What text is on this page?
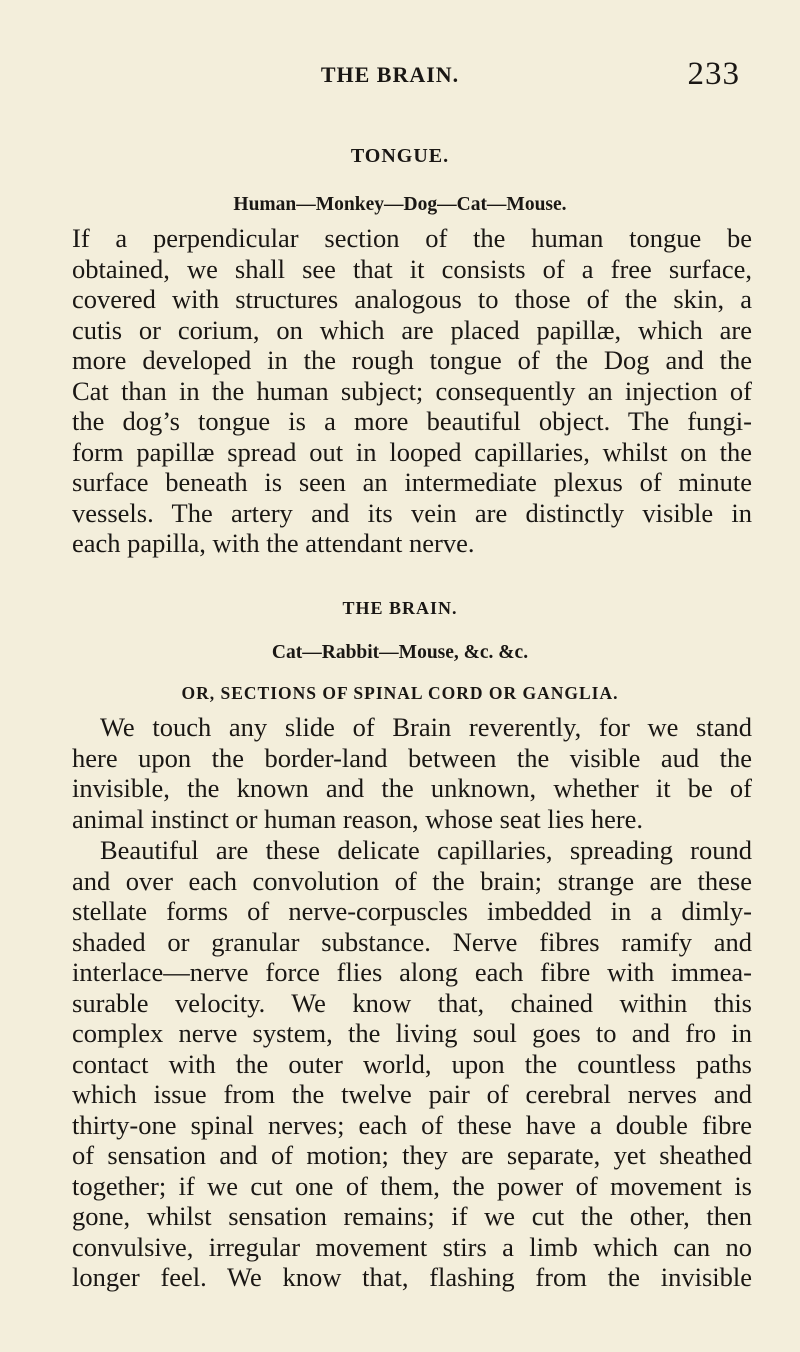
THE BRAIN.	233
TONGUE.
Human—Monkey—Dog—Cat—Mouse.
If a perpendicular section of the human tongue be
obtained, we shall see that it consists of a free surface,
covered with structures analogous to those of the skin, a
cutis or corium, on which are placed papillæ, which are
more developed in the rough tongue of the Dog and the
Cat than in the human subject; consequently an injection of
the dog’s tongue is a more beautiful object. The fungi-
form papillæ spread out in looped capillaries, whilst on the
surface beneath is seen an intermediate plexus of minute
vessels. The artery and its vein are distinctly visible in
each papilla, with the attendant nerve.
THE BRAIN.
Cat—Rabbit—Mouse, &c. &c.
OR, SECTIONS OF SPINAL CORD OR GANGLIA.
We touch any slide of Brain reverently, for we stand
here upon the border-land between the visible aud the
invisible, the known and the unknown, whether it be of
animal instinct or human reason, whose seat lies here.
Beautiful are these delicate capillaries, spreading round
and over each convolution of the brain; strange are these
stellate forms of nerve-corpuscles imbedded in a dimly-
shaded or granular substance. Nerve fibres ramify and
interlace—nerve force flies along each fibre with immea-
surable velocity. We know that, chained within this
complex nerve system, the living soul goes to and fro in
contact with the outer world, upon the countless paths
which issue from the twelve pair of cerebral nerves and
thirty-one spinal nerves; each of these have a double fibre
of sensation and of motion; they are separate, yet sheathed
together; if we cut one of them, the power of movement is
gone, whilst sensation remains; if we cut the other, then
convulsive, irregular movement stirs a limb which can no
longer feel. We know that, flashing from the invisible
